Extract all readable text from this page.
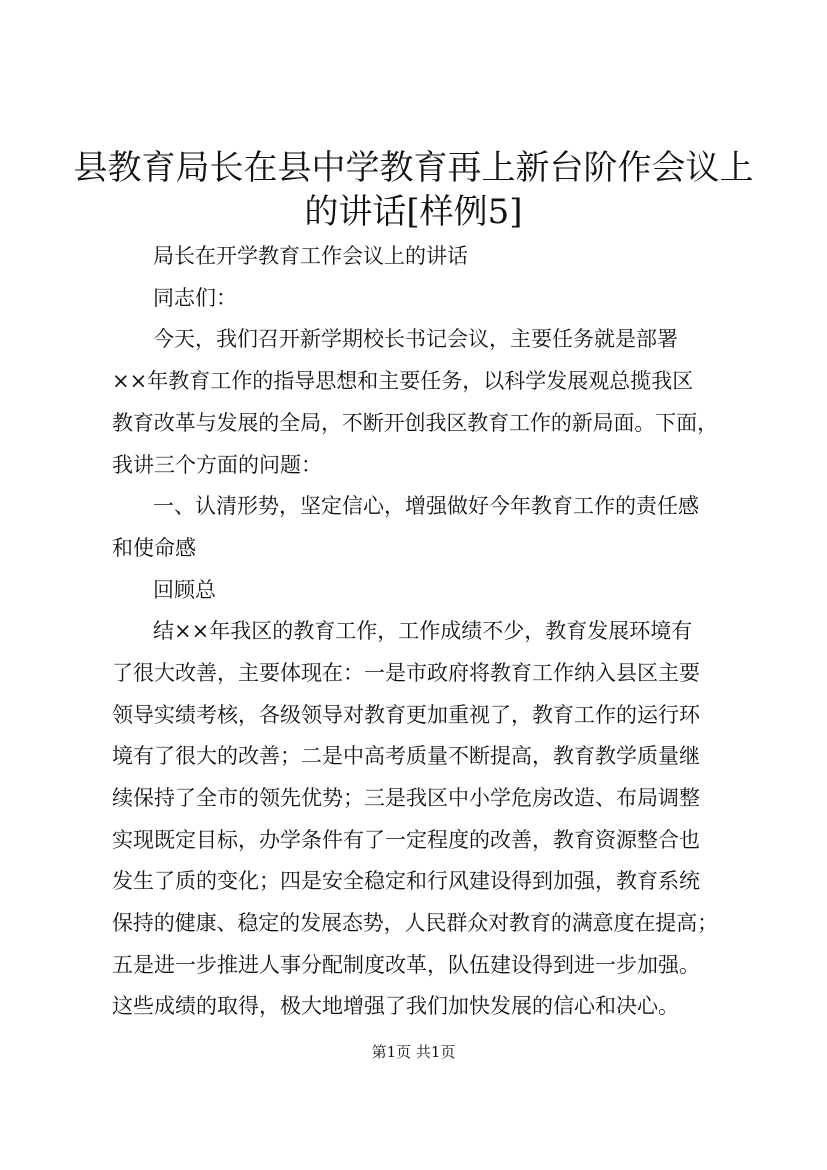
县教育局长在县中学教育再上新台阶作会议上
的讲话[样例5]

局长在开学教育工作会议上的讲话

同志们：

今天，我们召开新学期校长书记会议，主要任务就是部署

××年教育工作的指导思想和主要任务，以科学发展观总揽我区

教育改革与发展的全局，不断开创我区教育工作的新局面。下面，

我讲三个方面的问题：

一、认清形势，坚定信心，增强做好今年教育工作的责任感

和使命感

回顾总

结××年我区的教育工作，工作成绩不少，教育发展环境有

了很大改善，主要体现在：一是市政府将教育工作纳入县区主要

领导实绩考核，各级领导对教育更加重视了，教育工作的运行环

境有了很大的改善；二是中高考质量不断提高，教育教学质量继

续保持了全市的领先优势；三是我区中小学危房改造、布局调整

实现既定目标，办学条件有了一定程度的改善，教育资源整合也

发生了质的变化；四是安全稳定和行风建设得到加强，教育系统

保持的健康、稳定的发展态势，人民群众对教育的满意度在提高；

五是进一步推进人事分配制度改革，队伍建设得到进一步加强。

这些成绩的取得，极大地增强了我们加快发展的信心和决心。

第1页 共1页
